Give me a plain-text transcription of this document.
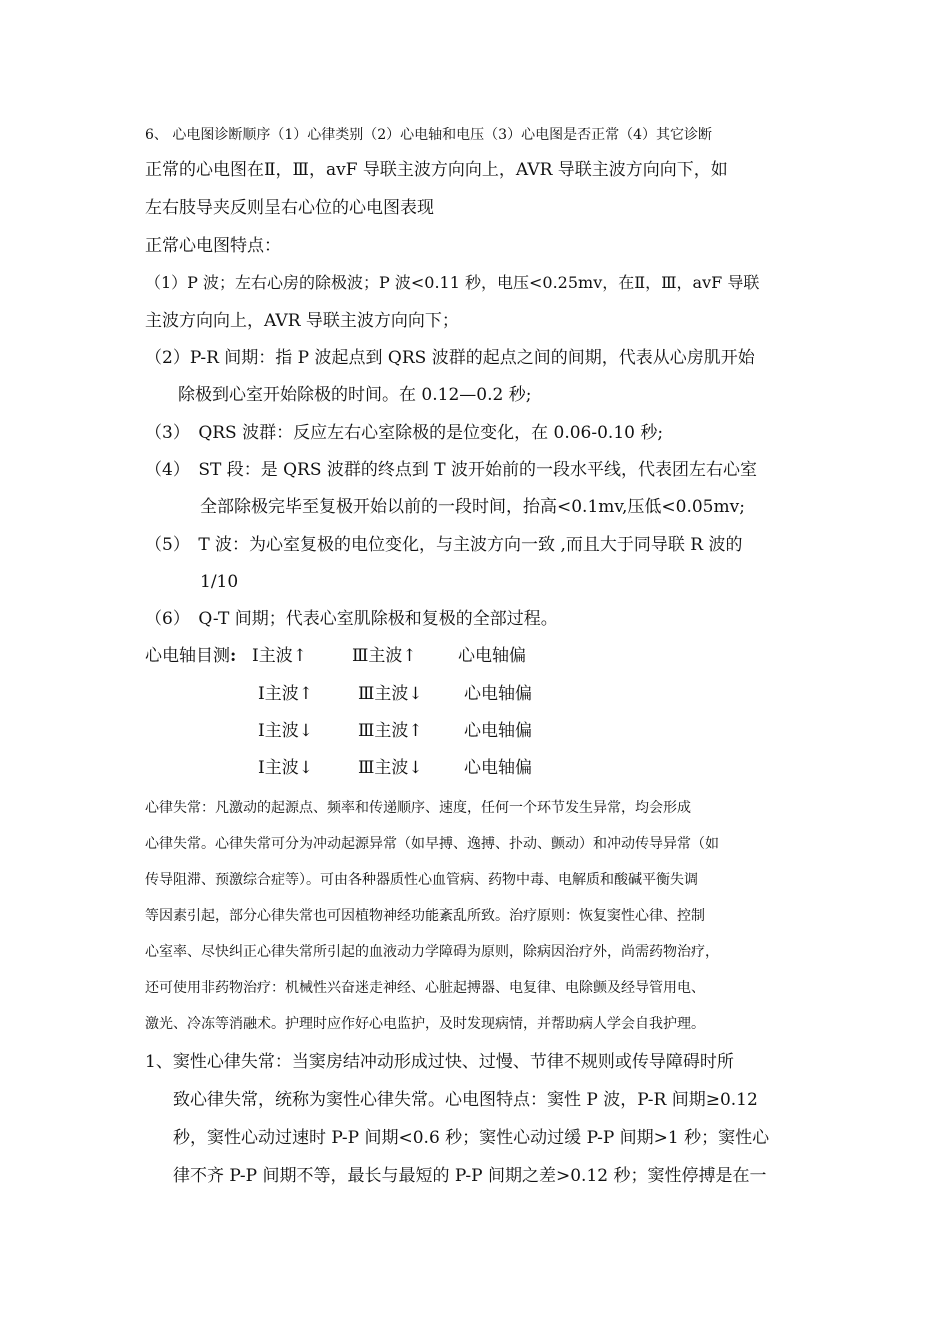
6、 心电图诊断顺序（1）心律类别（2）心电轴和电压（3）心电图是否正常（4）其它诊断
正常的心电图在Ⅱ，Ⅲ，avF 导联主波方向向上，AVR 导联主波方向向下，如
左右肢导夹反则呈右心位的心电图表现
正常心电图特点：
（1）P 波；左右心房的除极波；P 波<0.11 秒，电压<0.25mv，在Ⅱ，Ⅲ，avF 导联
主波方向向上，AVR 导联主波方向向下；
（2）P-R 间期：指 P 波起点到 QRS 波群的起点之间的间期，代表从心房肌开始
除极到心室开始除极的时间。在 0.12—0.2 秒;
（3）　QRS 波群：反应左右心室除极的是位变化，在 0.06-0.10 秒;
（4）　ST 段：是 QRS 波群的终点到 T 波开始前的一段水平线，代表团左右心室
全部除极完毕至复极开始以前的一段时间，抬高<0.1mv,压低<0.05mv;
（5）　T 波：为心室复极的电位变化，与主波方向一致 ,而且大于同导联 R 波的
1/10
（6）　Q-T 间期；代表心室肌除极和复极的全部过程。
心电轴目测: Ⅰ主波↑	Ⅲ主波↑ 心电轴偏
Ⅰ主波↑	Ⅲ主波↓ 心电轴偏
Ⅰ主波↓	Ⅲ主波↑ 心电轴偏
Ⅰ主波↓	Ⅲ主波↓ 心电轴偏
心律失常：凡激动的起源点、频率和传递顺序、速度，任何一个环节发生异常，均会形成
心律失常。心律失常可分为冲动起源异常（如早搏、逸搏、扑动、颤动）和冲动传导异常（如
传导阻滞、预激综合症等）。可由各种器质性心血管病、药物中毒、电解质和酸碱平衡失调
等因素引起，部分心律失常也可因植物神经功能紊乱所致。治疗原则：恢复窦性心律、控制
心室率、尽快纠正心律失常所引起的血液动力学障碍为原则，除病因治疗外，尚需药物治疗，
还可使用非药物治疗：机械性兴奋迷走神经、心脏起搏器、电复律、电除颤及经导管用电、
激光、冷冻等消融术。护理时应作好心电监护，及时发现病情，并帮助病人学会自我护理。
1、窦性心律失常：当窦房结冲动形成过快、过慢、节律不规则或传导障碍时所
致心律失常，统称为窦性心律失常。心电图特点：窦性 P 波，P-R 间期≥0.12
秒，窦性心动过速时 P-P 间期<0.6 秒；窦性心动过缓 P-P 间期>1 秒；窦性心
律不齐 P-P 间期不等，最长与最短的 P-P 间期之差>0.12 秒；窦性停搏是在一
